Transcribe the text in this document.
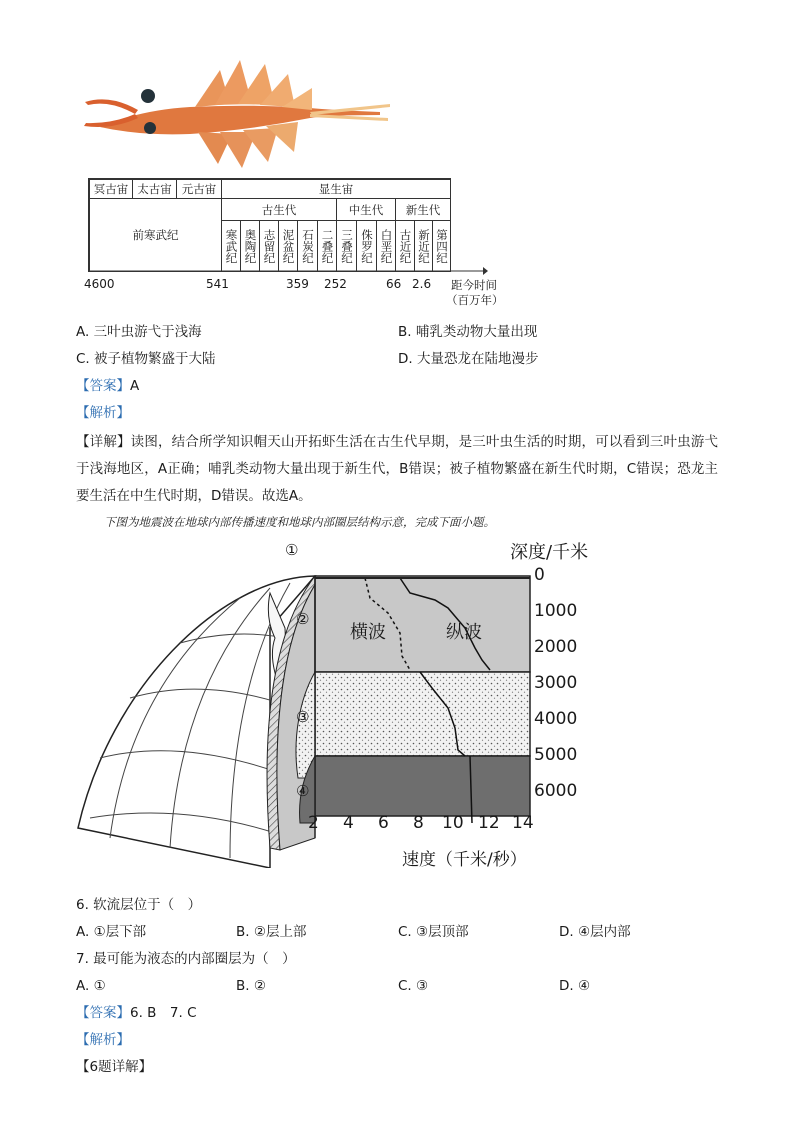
冥古宙 太古宙 元古宙	显生宙
前寒武纪
古生代	中生代	新生代
寒武纪 奥陶纪 志留纪 泥盆纪 石炭纪 二叠纪 三叠纪 侏罗纪 白垩纪 古近纪 新近纪 第四纪
4600	541	359 252	66 2.6 距今时间
（百万年）
A. 三叶虫游弋于浅海	B. 哺乳类动物大量出现
C. 被子植物繁盛于大陆	D. 大量恐龙在陆地漫步
【答案】A
【解析】
【详解】读图，结合所学知识帽天山开拓虾生活在古生代早期，是三叶虫生活的时期，可以看到三叶虫游弋于浅海地区，A正确；哺乳类动物大量出现于新生代，B错误；被子植物繁盛在新生代时期，C错误；恐龙主要生活在中生代时期，D错误。故选A。
下图为地震波在地球内部传播速度和地球内部圈层结构示意，完成下面小题。
①
②
③
④
横波	纵波
深度/千米
0
1000
2000
3000
4000
5000
6000
2 4 6 8 10 12 14
速度（千米/秒）
6. 软流层位于（　）
A. ①层下部	B. ②层上部	C. ③层顶部	D. ④层内部
7. 最可能为液态的内部圈层为（　）
A. ①	B. ②	C. ③	D. ④
【答案】6. B　7. C
【解析】
【6题详解】
